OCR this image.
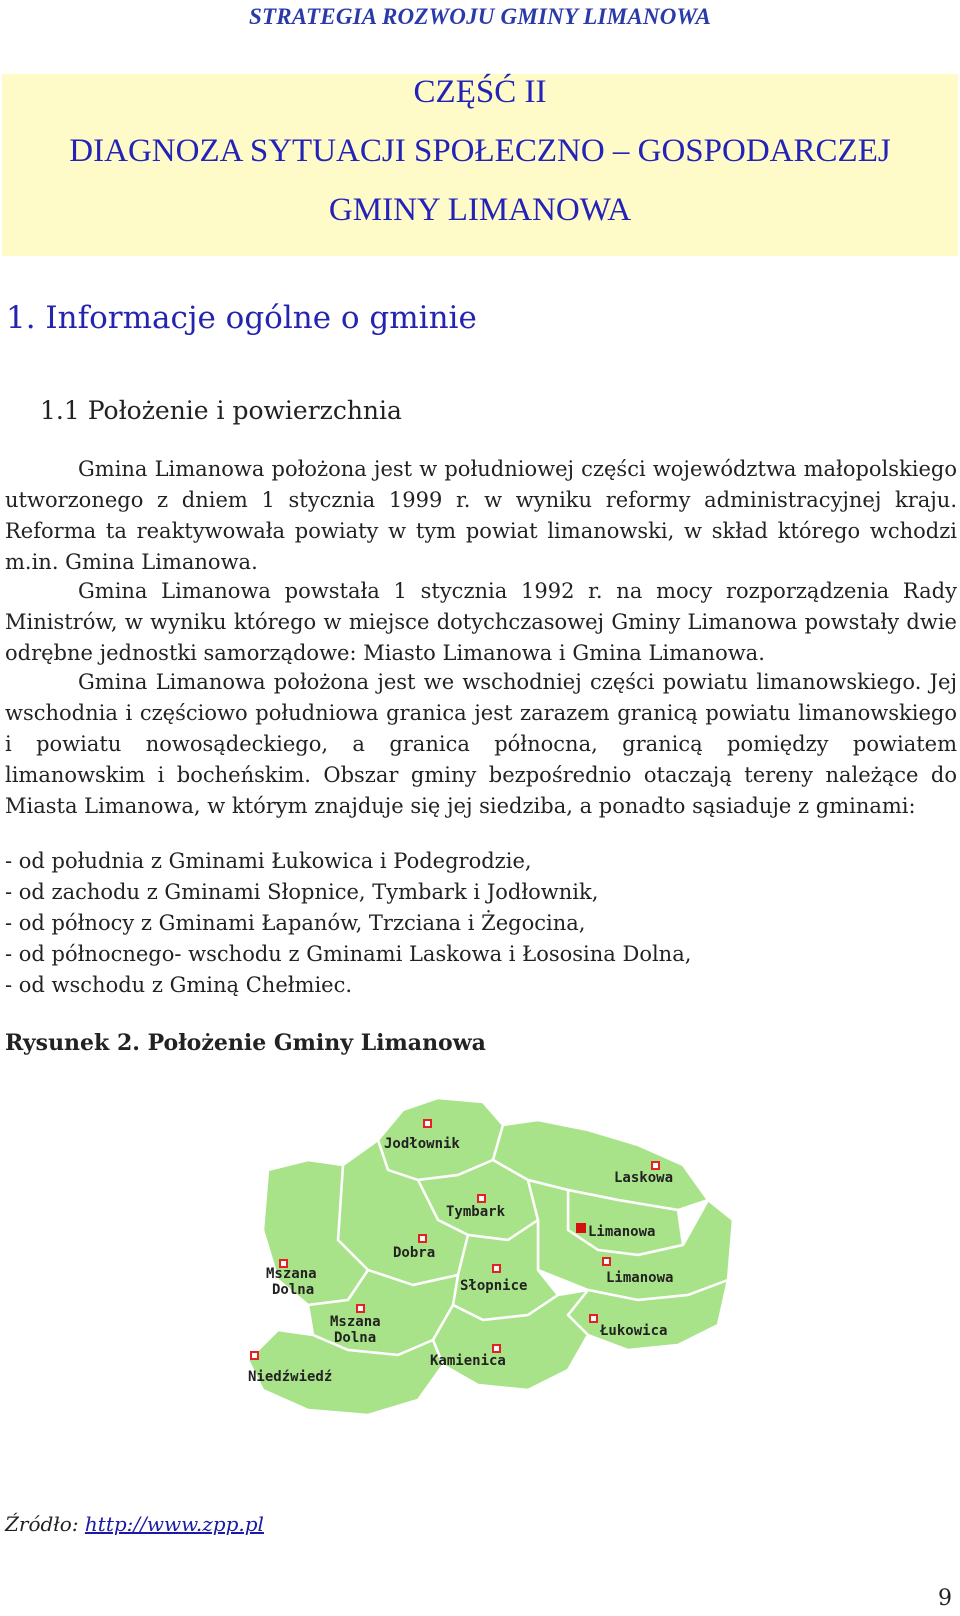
STRATEGIA ROZWOJU GMINY LIMANOWA
CZĘŚĆ II
DIAGNOZA SYTUACJI SPOŁECZNO – GOSPODARCZEJ
GMINY LIMANOWA
1. Informacje ogólne o gminie
1.1 Położenie i powierzchnia

Gmina Limanowa położona jest w południowej części województwa małopolskiego utworzonego z dniem 1 stycznia 1999 r. w wyniku reformy administracyjnej kraju. Reforma ta reaktywowała powiaty w tym powiat limanowski, w skład którego wchodzi m.in. Gmina Limanowa.

Gmina Limanowa powstała 1 stycznia 1992 r. na mocy rozporządzenia Rady Ministrów, w wyniku którego w miejsce dotychczasowej Gminy Limanowa powstały dwie odrębne jednostki samorządowe: Miasto Limanowa i Gmina Limanowa.

Gmina Limanowa położona jest we wschodniej części powiatu limanowskiego. Jej wschodnia i częściowo południowa granica jest zarazem granicą powiatu limanowskiego i powiatu nowosądeckiego, a granica północna, granicą pomiędzy powiatem limanowskim i bocheńskim. Obszar gminy bezpośrednio otaczają tereny należące do Miasta Limanowa, w którym znajduje się jej siedziba, a ponadto sąsiaduje z gminami:

- od południa z Gminami Łukowica i Podegrodzie,
- od zachodu z Gminami Słopnice, Tymbark i Jodłownik,
- od północy z Gminami Łapanów, Trzciana i Żegocina,
- od północnego- wschodu z Gminami Laskowa i Łososina Dolna,
- od wschodu z Gminą Chełmiec.
Rysunek 2. Położenie Gminy Limanowa
Jodłownik
Laskowa
Tymbark
Limanowa
Dobra
Mszana
Dolna	Słopnice	Limanowa
Mszana
Dolna	Łukowica
Kamienica
Niedźwiedź
Źródło: http://www.zpp.pl
9
